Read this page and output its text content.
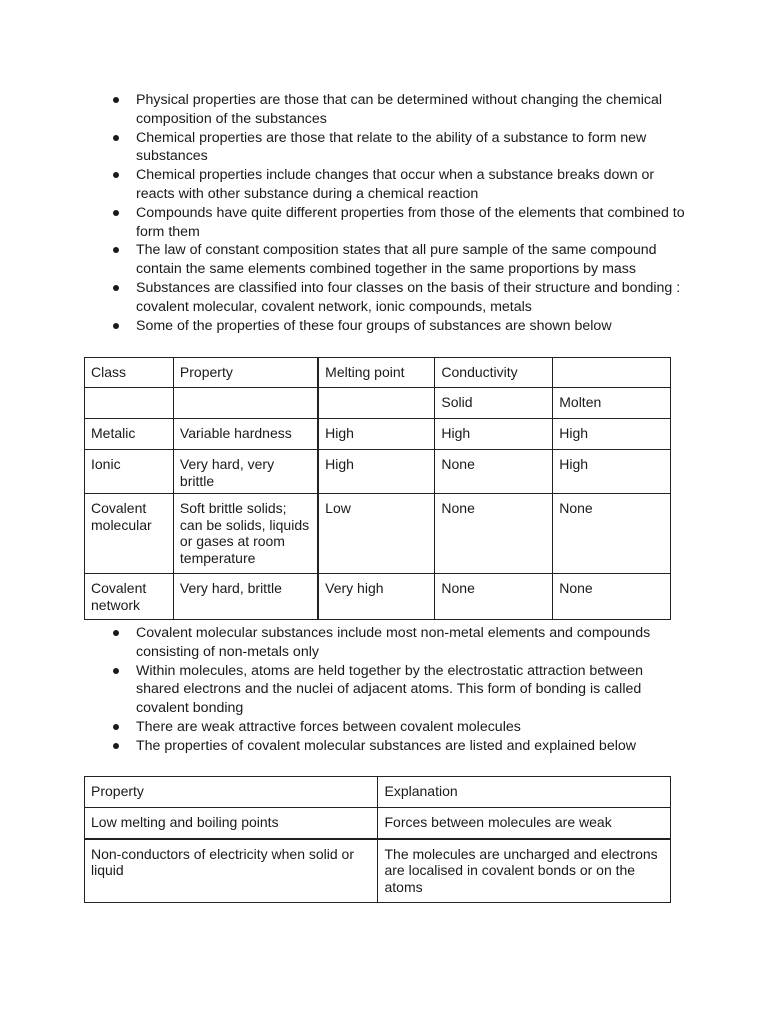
Physical properties are those that can be determined without changing the chemical composition of the substances
Chemical properties are those that relate to the ability of a substance to form new substances
Chemical properties include changes that occur when a substance breaks down or reacts with other substance during a chemical reaction
Compounds have quite different properties from those of the elements that combined to form them
The law of constant composition states that all pure sample of the same compound contain the same elements combined together in the same proportions by mass
Substances are classified into four classes on the basis of their structure and bonding : covalent molecular, covalent network, ionic compounds, metals
Some of the properties of these four groups of substances are shown below
Class	Property	Melting point	Conductivity	
			Solid	Molten
Metalic	Variable hardness	High	High	High
Ionic	Very hard, very brittle	High	None	High
Covalent molecular	Soft brittle solids; can be solids, liquids or gases at room temperature	Low	None	None
Covalent network	Very hard, brittle	Very high	None	None
Covalent molecular substances include most non-metal elements and compounds consisting of non-metals only
Within molecules, atoms are held together by the electrostatic attraction between shared electrons and the nuclei of adjacent atoms. This form of bonding is called covalent bonding
There are weak attractive forces between covalent molecules
The properties of covalent molecular substances are listed and explained below
Property	Explanation
Low melting and boiling points	Forces between molecules are weak
Non-conductors of electricity when solid or liquid	The molecules are uncharged and electrons are localised in covalent bonds or on the atoms
